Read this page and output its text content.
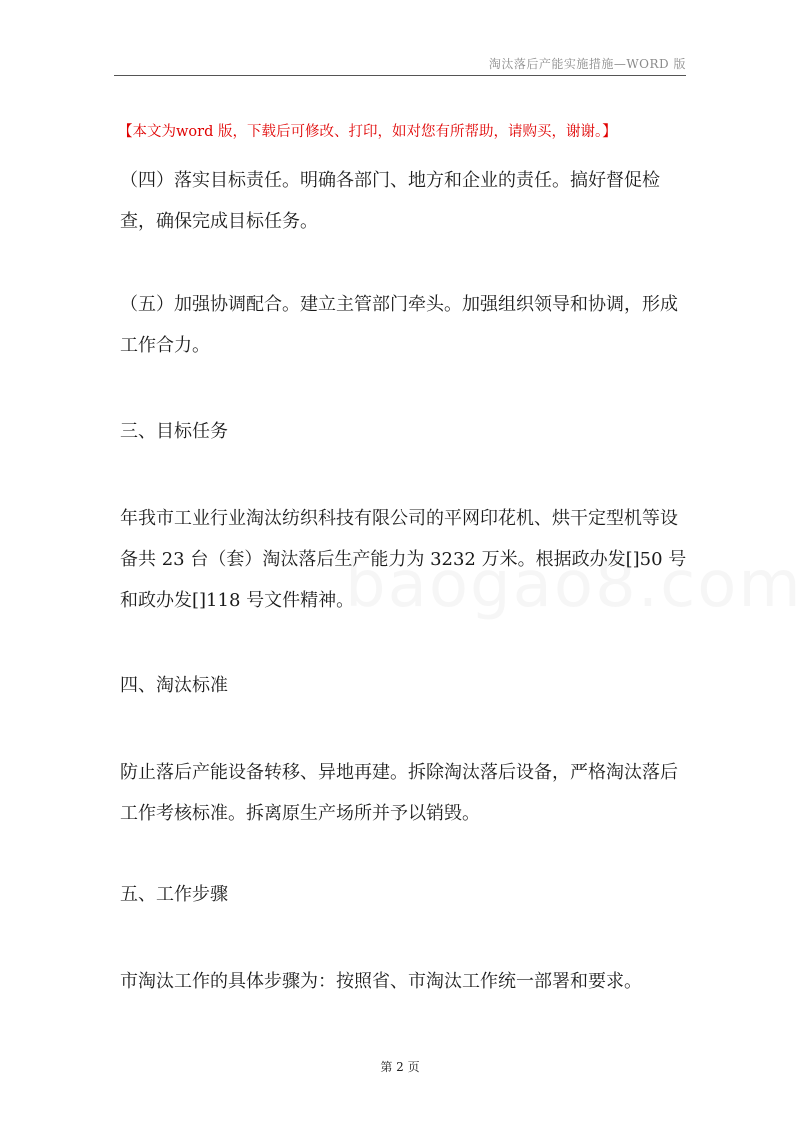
淘汰落后产能实施措施—WORD 版
【本文为word 版，下载后可修改、打印，如对您有所帮助，请购买，谢谢。】

（四）落实目标责任。明确各部门、地方和企业的责任。搞好督促检查，确保完成目标任务。

（五）加强协调配合。建立主管部门牵头。加强组织领导和协调，形成工作合力。

三、目标任务

年我市工业行业淘汰纺织科技有限公司的平网印花机、烘干定型机等设备共 23 台（套）淘汰落后生产能力为 3232 万米。根据政办发[]50 号和政办发[]118 号文件精神。

四、淘汰标准

防止落后产能设备转移、异地再建。拆除淘汰落后设备，严格淘汰落后工作考核标准。拆离原生产场所并予以销毁。

五、工作步骤

市淘汰工作的具体步骤为：按照省、市淘汰工作统一部署和要求。

第 2 页
